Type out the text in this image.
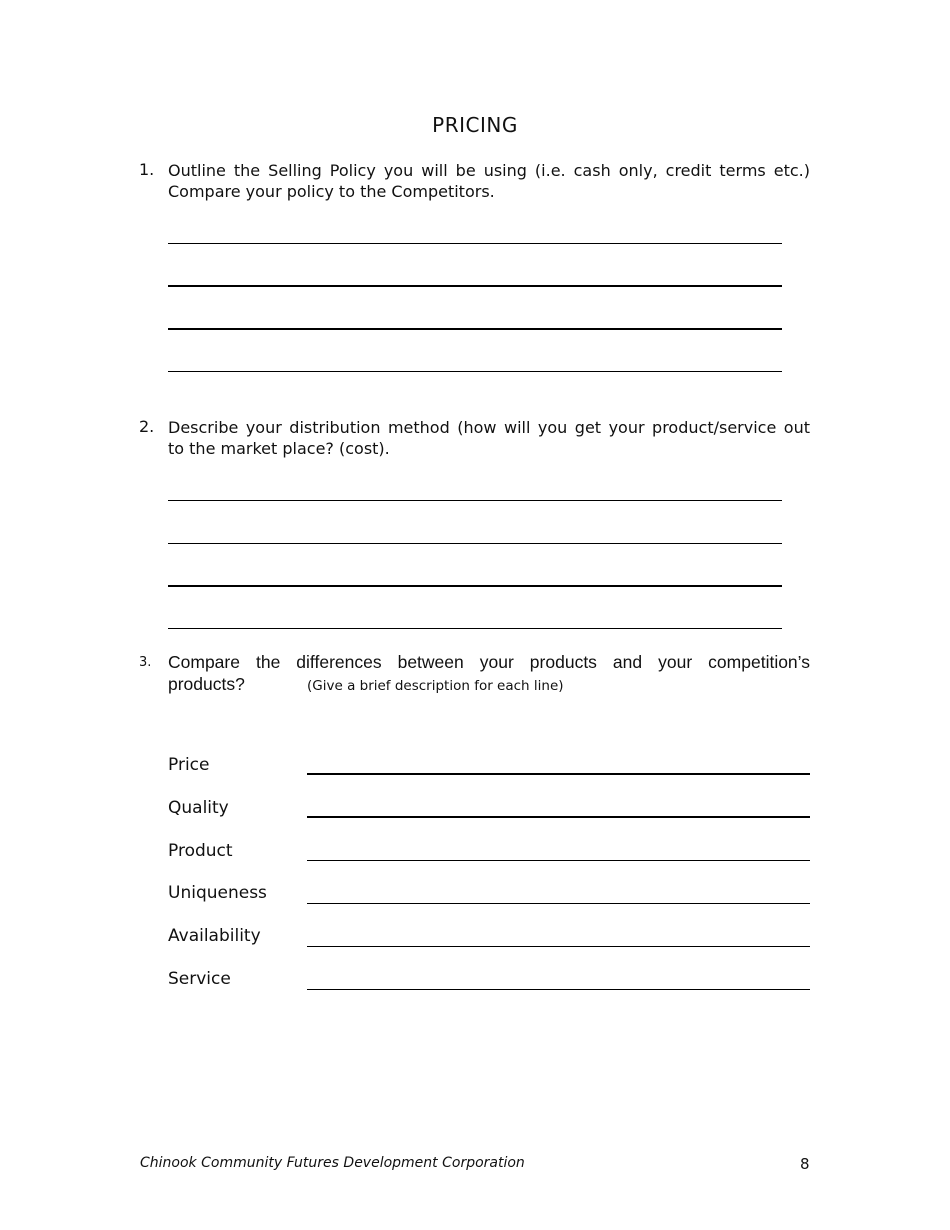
PRICING
1. Outline the Selling Policy you will be using (i.e. cash only, credit terms etc.)
Compare your policy to the Competitors.
2. Describe your distribution method (how will you get your product/service out
to the market place? (cost).
3. Compare the differences between your products and your competition’s
products?	(Give a brief description for each line)
Price
Quality
Product
Uniqueness
Availability
Service
Chinook Community Futures Development Corporation	8
